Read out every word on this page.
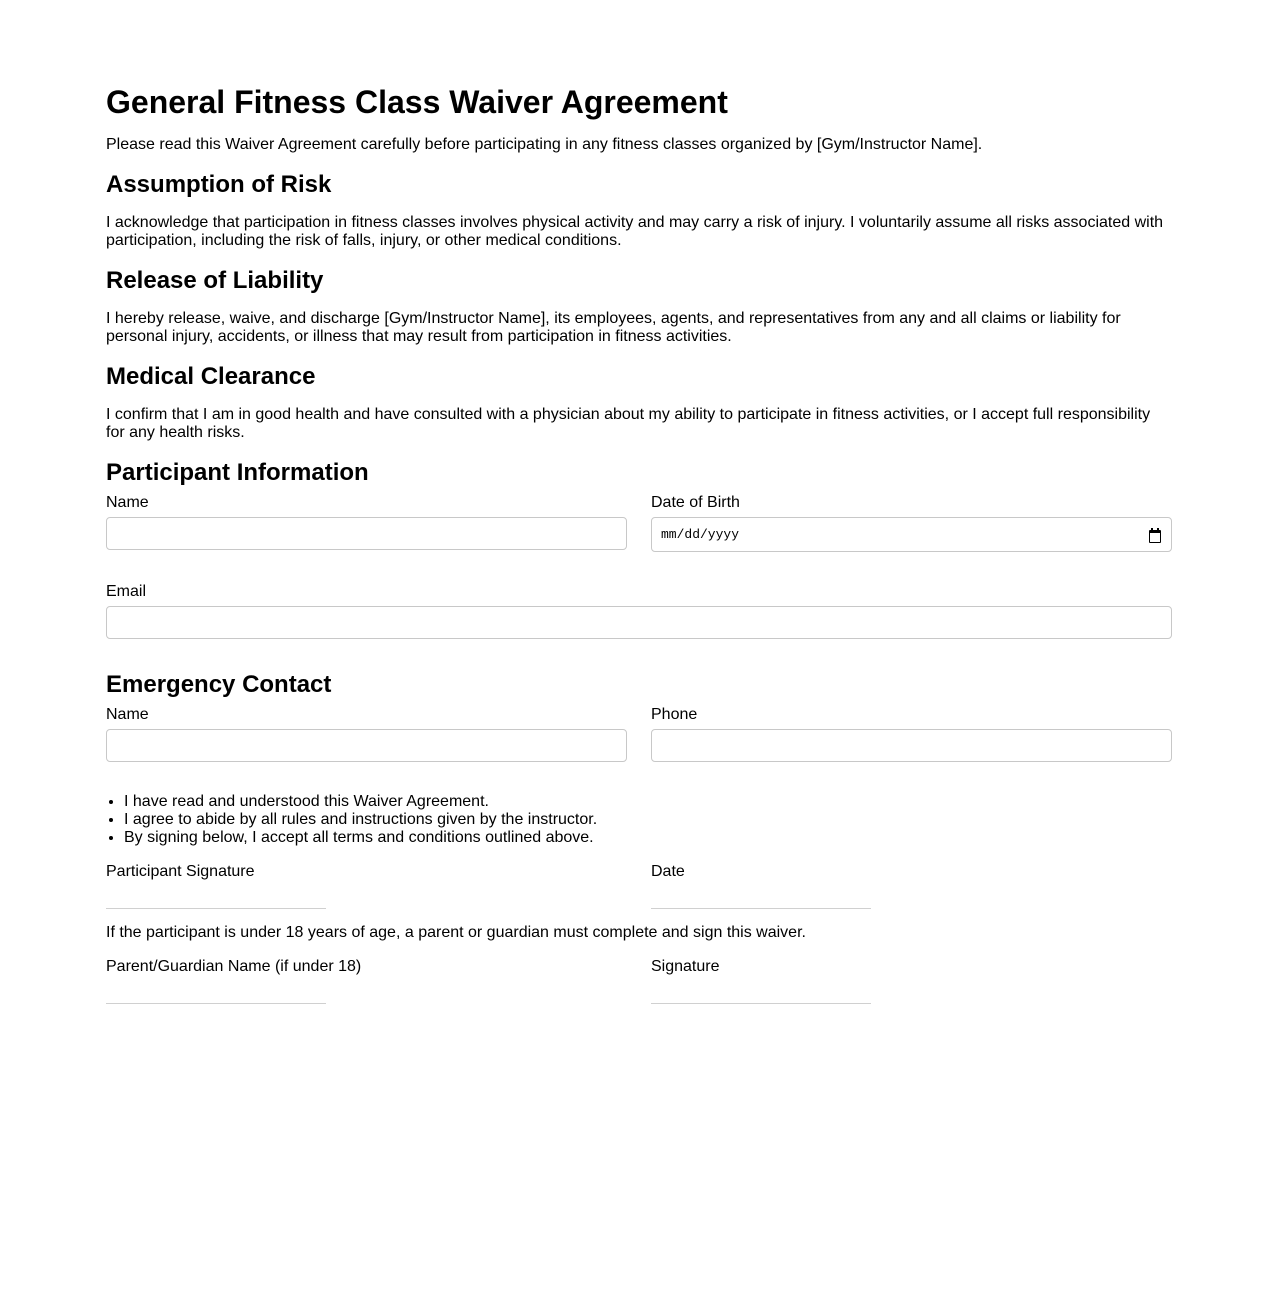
General Fitness Class Waiver Agreement

Please read this Waiver Agreement carefully before participating in any fitness classes organized by [Gym/Instructor Name].

Assumption of Risk

I acknowledge that participation in fitness classes involves physical activity and may carry a risk of injury. I voluntarily assume all risks associated with participation, including the risk of falls, injury, or other medical conditions.

Release of Liability

I hereby release, waive, and discharge [Gym/Instructor Name], its employees, agents, and representatives from any and all claims or liability for personal injury, accidents, or illness that may result from participation in fitness activities.

Medical Clearance

I confirm that I am in good health and have consulted with a physician about my ability to participate in fitness activities, or I accept full responsibility for any health risks.

Participant Information
Name	Date of Birth
mm/dd/yyyy
Email
Emergency Contact
Name	Phone
• I have read and understood this Waiver Agreement.
• I agree to abide by all rules and instructions given by the instructor.
• By signing below, I accept all terms and conditions outlined above.
Participant Signature	Date

If the participant is under 18 years of age, a parent or guardian must complete and sign this waiver.

Parent/Guardian Name (if under 18)	Signature
